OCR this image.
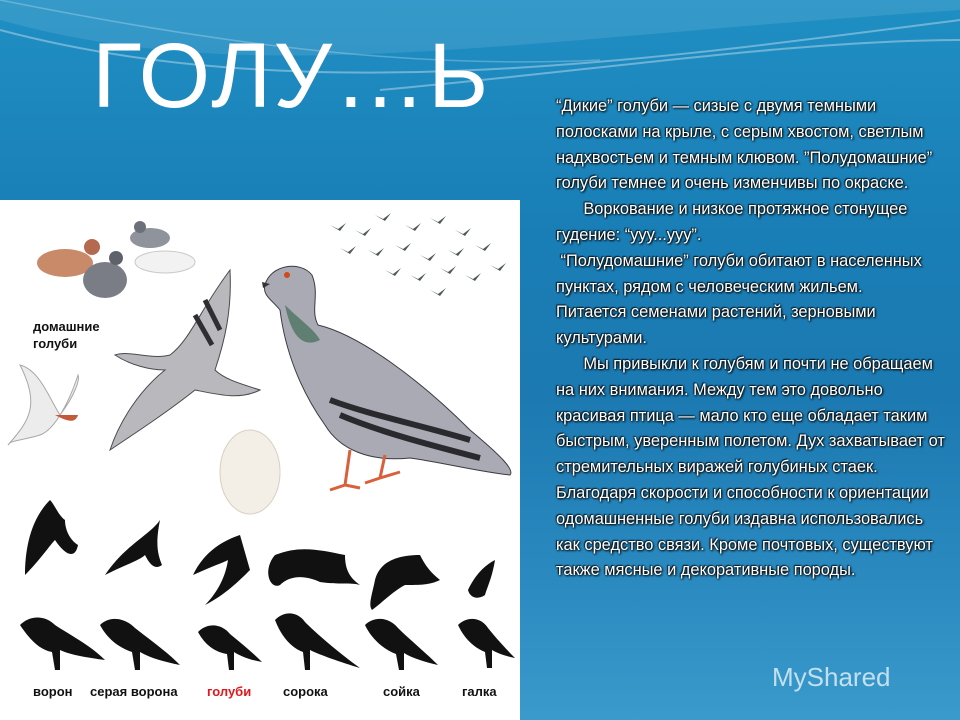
ГОЛУ…Ь	“Дикие” голуби — сизые с двумя темными полосками на крыле, с серым хвостом, светлым надхвостьем и темным клювом. ”Полудомашние” голуби темнее и очень изменчивы по окраске.

Воркование и низкое протяжное стонущее гудение: “ууу...ууу”.

“Полудомашние” голуби обитают в населенных пунктах, рядом с человеческим жильем.

Питается семенами растений, зерновыми культурами.

Мы привыкли к голубям и почти не обращаем на них внимания. Между тем это довольно красивая птица — мало кто еще обладает таким быстрым, уверенным полетом. Дух захватывает от стремительных виражей голубиных стаек. Благодаря скорости и способности к ориентации одомашненные голуби издавна использовались как средство связи. Кроме почтовых, существуют также мясные и декоративные породы.

домашние голуби
ворон серая ворона голуби сорока	сойка	галка	MyShared
